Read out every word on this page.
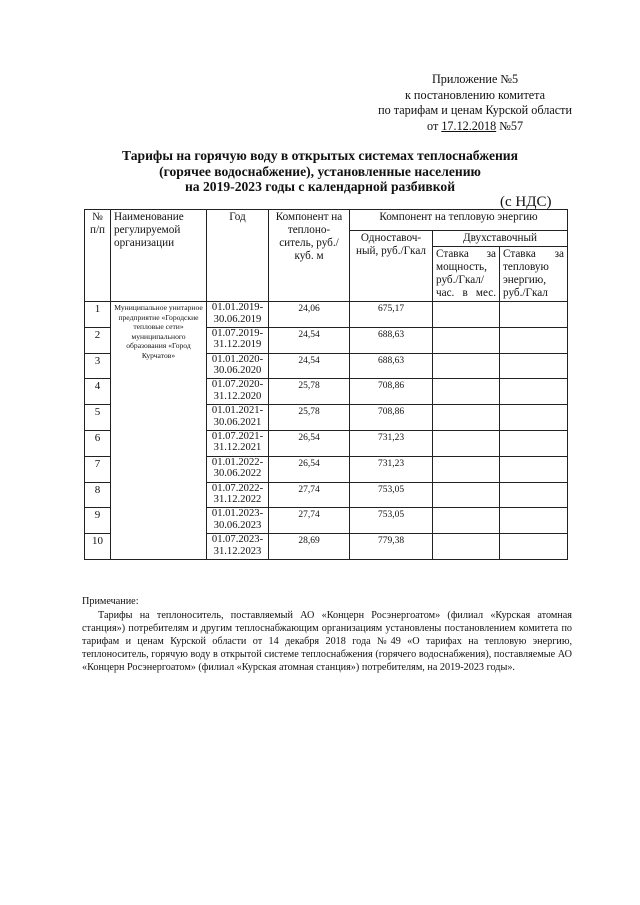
Приложение №5
к постановлению комитета
по тарифам и ценам Курской области
от 17.12.2018 №57
Тарифы на горячую воду в открытых системах теплоснабжения
(горячее водоснабжение), установленные населению
на 2019-2023 годы с календарной разбивкой
(с НДС)
№ п/п	Наименование регулируемой организации	Год	Компонент на теплоно-ситель, руб./куб. м	Компонент на тепловую энергию		
				Одноставоч-ный, руб./Гкал	Двухставочный	
					Ставка за мощность, руб./Гкал/час. в мес.	Ставка за тепловую энергию, руб./Гкал
1	Муниципальное унитарное предприятие «Городские тепловые сети» муниципального образования «Город Курчатов»	01.01.2019-
30.06.2019	24,06	675,17		
2		01.07.2019-
31.12.2019	24,54	688,63		
3		01.01.2020-
30.06.2020	24,54	688,63		
4		01.07.2020-
31.12.2020	25,78	708,86		
5		01.01.2021-
30.06.2021	25,78	708,86		
6		01.07.2021-
31.12.2021	26,54	731,23		
7		01.01.2022-
30.06.2022	26,54	731,23		
8		01.07.2022-
31.12.2022	27,74	753,05		
9		01.01.2023-
30.06.2023	27,74	753,05		
10		01.07.2023-
31.12.2023	28,69	779,38		
Примечание:
Тарифы на теплоноситель, поставляемый АО «Концерн Росэнергоатом» (филиал «Курская атомная станция») потребителям и другим теплоснабжающим организациям установлены постановлением комитета по тарифам и ценам Курской области от 14 декабря 2018 года №49 «О тарифах на тепловую энергию, теплоноситель, горячую воду в открытой системе теплоснабжения (горячего водоснабжения), поставляемые АО «Концерн Росэнергоатом» (филиал «Курская атомная станция») потребителям, на 2019-2023 годы».
